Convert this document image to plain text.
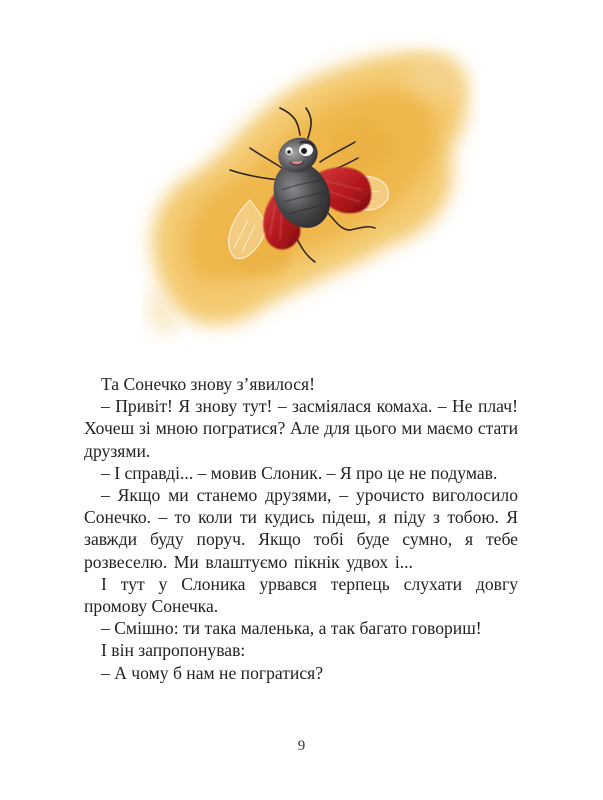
Та Сонечко знову з’явилося!

– Привіт! Я знову тут! – засміялася комаха. – Не плач! Хочеш зі мною погратися? Але для цього ми маємо стати друзями.

– І справді... – мовив Слоник. – Я про це не подумав.

– Якщо ми станемо друзями, – урочисто виголосило Сонечко. – то коли ти кудись підеш, я піду з тобою. Я завжди буду поруч. Якщо тобі буде сумно, я тебе розвеселю. Ми влаштуємо пікнік удвох і...

І тут у Слоника урвався терпець слухати довгу промову Сонечка.

– Смішно: ти така маленька, а так багато говориш!

І він запропонував:

– А чому б нам не погратися?

9
